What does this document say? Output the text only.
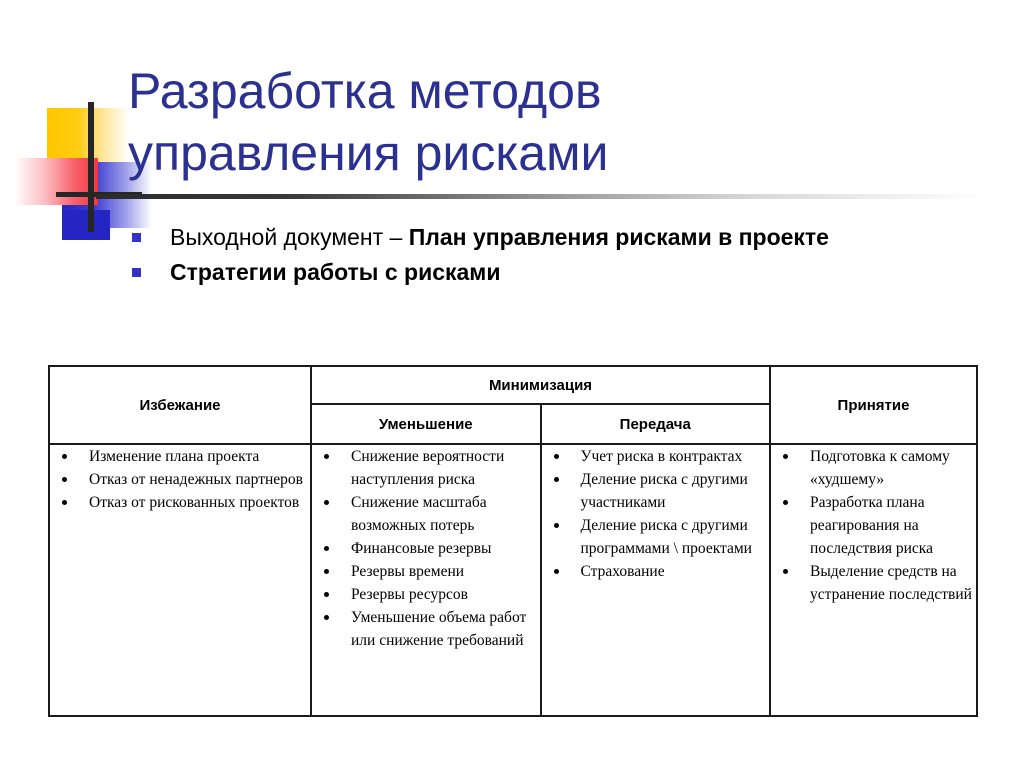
Разработка методов
управления рисками
Выходной документ – План управления рисками в проекте
Стратегии работы с рисками
Избежание	Минимизация		Принятие
	Уменьшение	Передача	

Изменение плана проекта
Отказ от ненадежных партнеров
Отказ от рискованных проектов

Снижение вероятности наступления риска
Снижение масштаба возможных потерь
Финансовые резервы
Резервы времени
Резервы ресурсов
Уменьшение объема работ или снижение требований

Учет риска в контрактах
Деление риска с другими участниками
Деление риска с другими программами \ проектами
Страхование

Подготовка к самому «худшему»
Разработка плана реагирования на последствия риска
Выделение средств на устранение последствий
